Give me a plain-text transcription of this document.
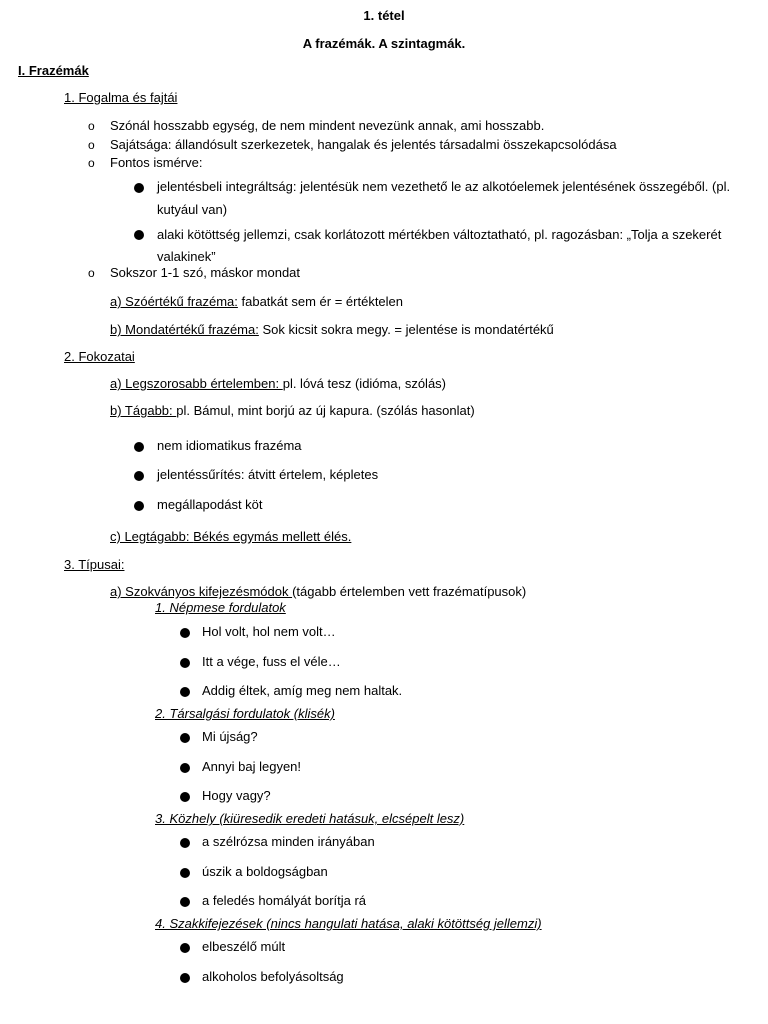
1. tétel
A frazémák. A szintagmák.
I. Frazémák
1. Fogalma és fajtái
o Szónál hosszabb egység, de nem mindent nevezünk annak, ami hosszabb.
o Sajátsága: állandósult szerkezetek, hangalak és jelentés társadalmi összekapcsolódása
o Fontos ismérve:
jelentésbeli integráltság: jelentésük nem vezethető le az alkotóelemek jelentésének összegéből. (pl.
kutyául van)
alaki kötöttség jellemzi, csak korlátozott mértékben változtatható, pl. ragozásban: „Tolja a szekerét
valakinek”
o Sokszor 1-1 szó, máskor mondat
a) Szóértékű frazéma: fabatkát sem ér = értéktelen
b) Mondatértékű frazéma: Sok kicsit sokra megy. = jelentése is mondatértékű
2. Fokozatai
a) Legszorosabb értelemben: pl. lóvá tesz (idióma, szólás)
b) Tágabb: pl. Bámul, mint borjú az új kapura. (szólás hasonlat)
nem idiomatikus frazéma
jelentéssűrítés: átvitt értelem, képletes
megállapodást köt
c) Legtágabb: Békés egymás mellett élés.
3. Típusai:
a) Szokványos kifejezésmódok (tágabb értelemben vett frazématípusok)
1. Népmese fordulatok
Hol volt, hol nem volt…
Itt a vége, fuss el véle…
Addig éltek, amíg meg nem haltak.
2. Társalgási fordulatok (klisék)
Mi újság?
Annyi baj legyen!
Hogy vagy?
3. Közhely (kiüresedik eredeti hatásuk, elcsépelt lesz)
a szélrózsa minden irányában
úszik a boldogságban
a feledés homályát borítja rá
4. Szakkifejezések (nincs hangulati hatása, alaki kötöttség jellemzi)
elbeszélő múlt
alkoholos befolyásoltság
